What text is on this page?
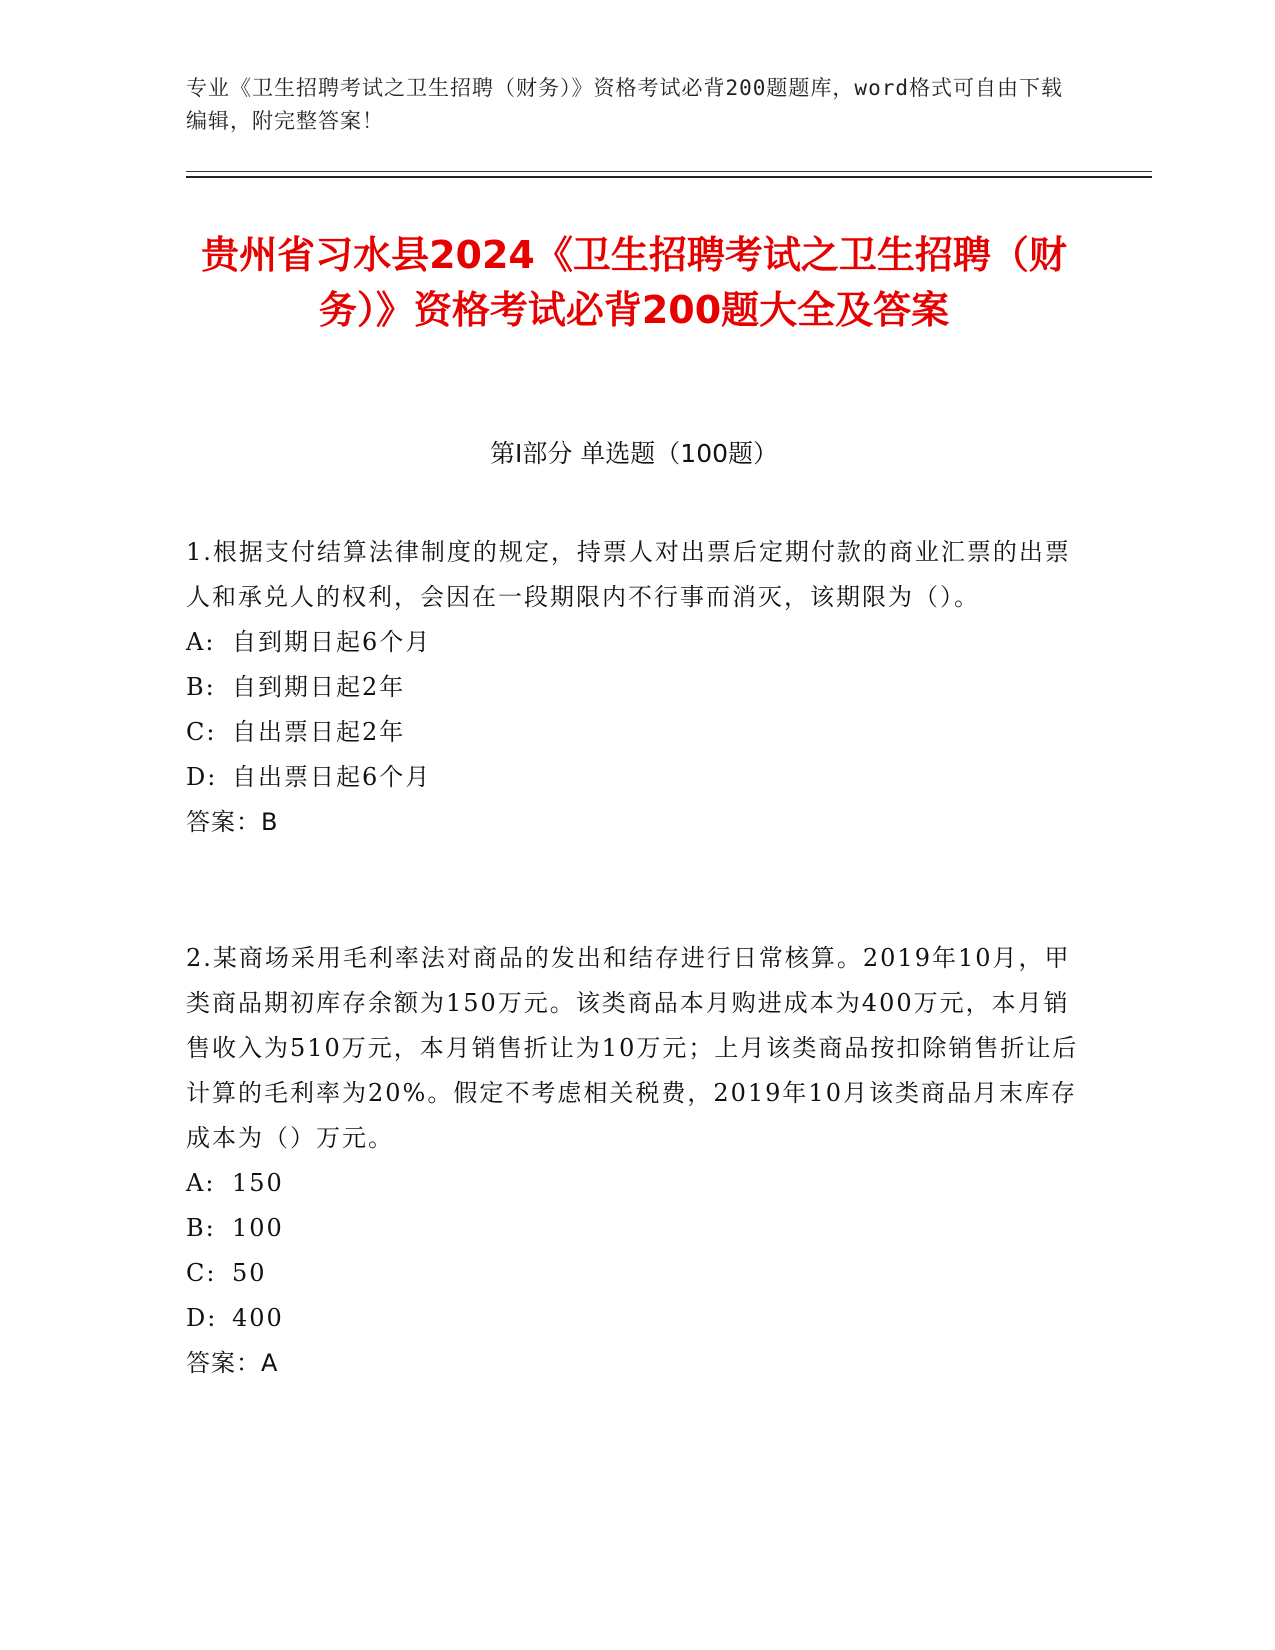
专业《卫生招聘考试之卫生招聘（财务）》资格考试必背200题题库，word格式可自由下载编辑，附完整答案！
贵州省习水县2024《卫生招聘考试之卫生招聘（财务）》资格考试必背200题大全及答案
第I部分 单选题（100题）

1.根据支付结算法律制度的规定，持票人对出票后定期付款的商业汇票的出票人和承兑人的权利，会因在一段期限内不行事而消灭，该期限为（）。

A: 自到期日起6个月

B: 自到期日起2年

C: 自出票日起2年

D: 自出票日起6个月

答案：B

2.某商场采用毛利率法对商品的发出和结存进行日常核算。2019年10月，甲类商品期初库存余额为150万元。该类商品本月购进成本为400万元，本月销售收入为510万元，本月销售折让为10万元；上月该类商品按扣除销售折让后计算的毛利率为20%。假定不考虑相关税费，2019年10月该类商品月末库存成本为（）万元。

A: 150

B: 100

C: 50

D: 400

答案：A
